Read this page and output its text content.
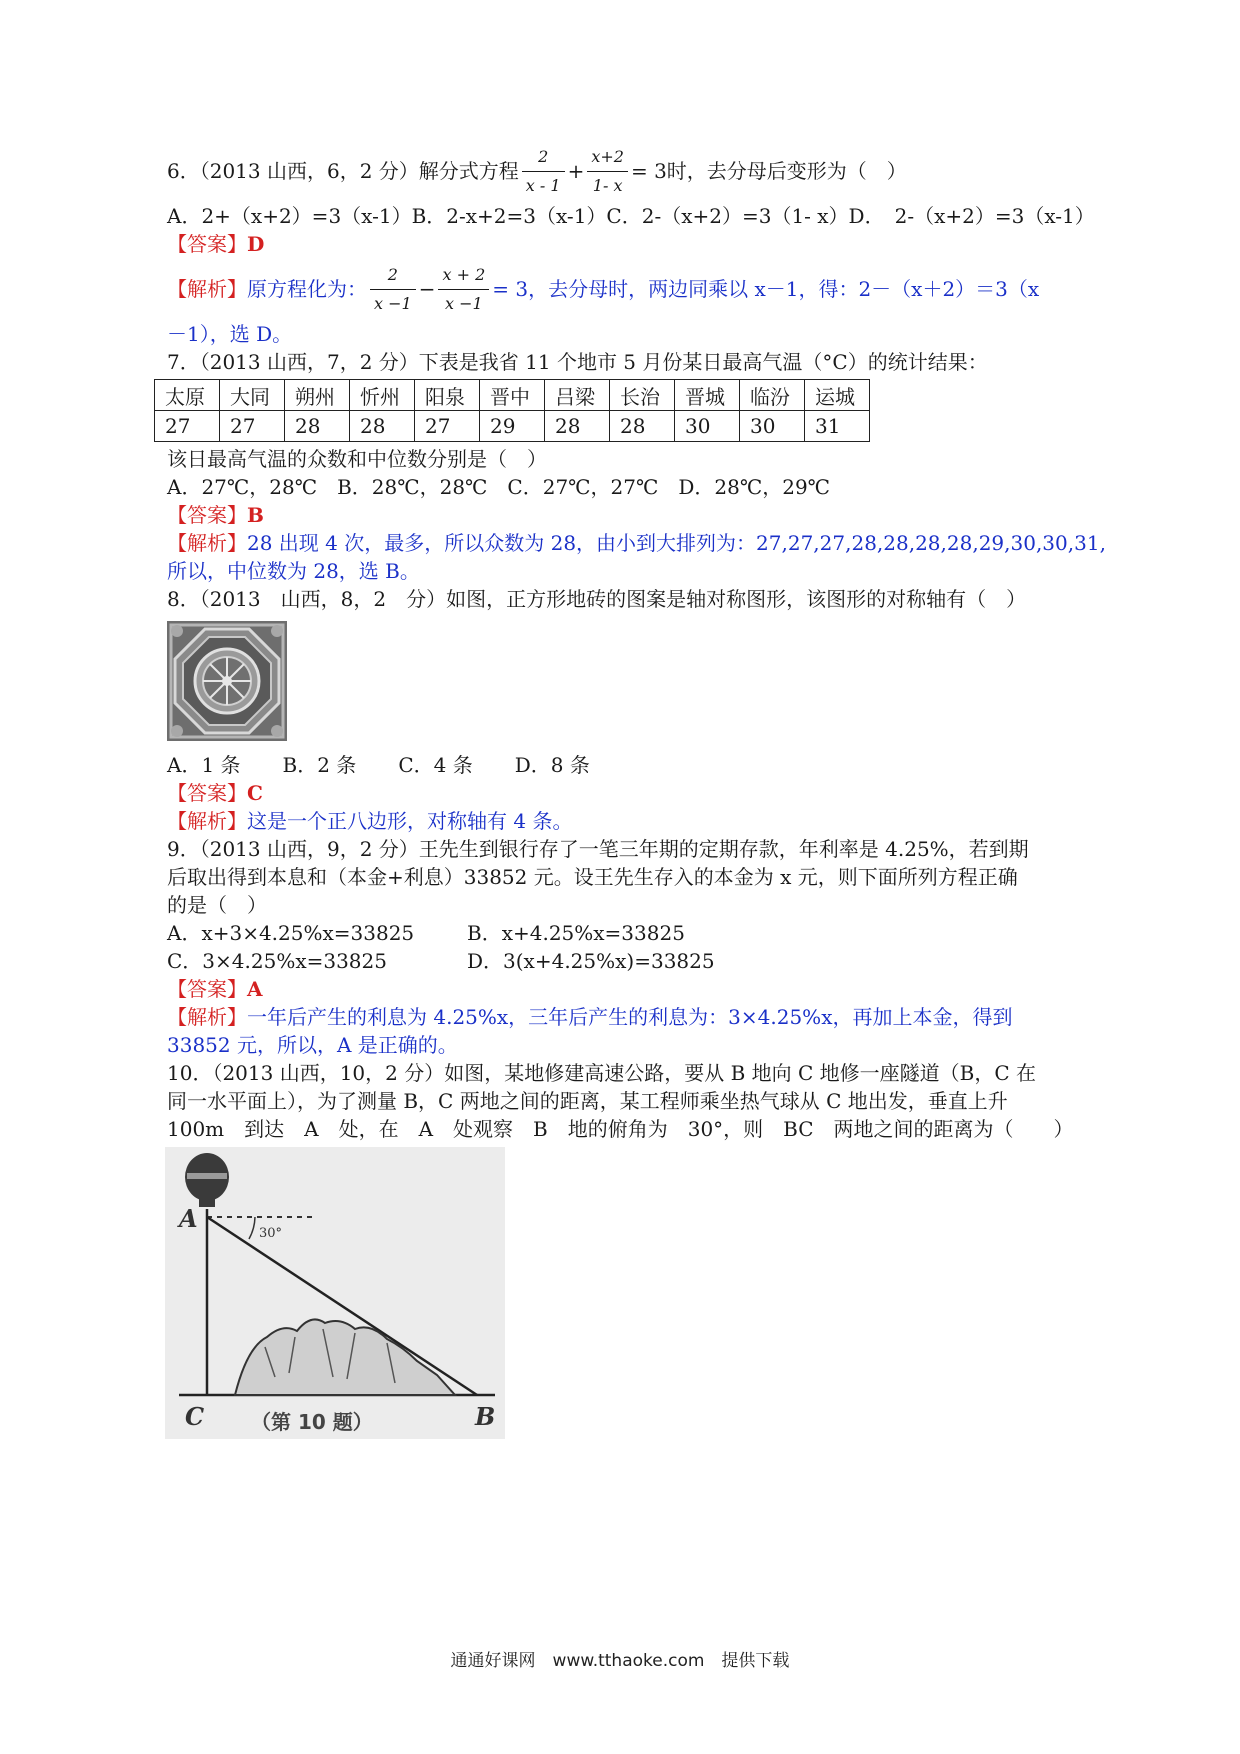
6．（2013 山西，6，2 分）解分式方程 $\frac{2}{x - 1} + \frac{x+2}{1- x} = 3$时，去分母后变形为（　）

A．2+（x+2）=3（x-1）B．2-x+2=3（x-1）C．2-（x+2）=3（1- x）D．　2-（x+2）=3（x-1）

【答案】D

【解析】 原方程化为： $\frac{2}{x -1} - \frac{x + 2}{x -1} = 3$，去分母时，两边同乘以 x－1，得：2－（x＋2）＝3（x

－1），选 D。

7．（2013 山西，7，2 分）下表是我省 11 个地市 5 月份某日最高气温（°C）的统计结果：

太原	大同	朔州	忻州	阳泉	晋中	吕梁	长治	晋城	临汾	运城
27	27	28	28	27	29	28	28	30	30	31

该日最高气温的众数和中位数分别是（　）

A．27℃，28℃　B．28℃，28℃　C．27℃，27℃　D．28℃，29℃

【答案】B

【解析】28 出现 4 次，最多，所以众数为 28，由小到大排列为：27,27,27,28,28,28,28,29,30,30,31,

所以，中位数为 28，选 B。

8．（2013　山西，8，2　分）如图，正方形地砖的图案是轴对称图形，该图形的对称轴有（　）

A．1 条 B．2 条 C．4 条 D．8 条

【答案】C

【解析】这是一个正八边形，对称轴有 4 条。

9．（2013 山西，9，2 分）王先生到银行存了一笔三年期的定期存款，年利率是 4.25%，若到期

后取出得到本息和（本金+利息）33852 元。设王先生存入的本金为 x 元，则下面所列方程正确

的是（　）

A．x+3×4.25%x=33825	B．x+4.25%x=33825
C．3×4.25%x=33825	D．3(x+4.25%x)=33825

【答案】A

【解析】一年后产生的利息为 4.25%x，三年后产生的利息为：3×4.25%x，再加上本金，得到

33852 元，所以，A 是正确的。

10．（2013 山西，10，2 分）如图，某地修建高速公路，要从 B 地向 C 地修一座隧道（B，C 在

同一水平面上），为了测量 B，C 两地之间的距离，某工程师乘坐热气球从 C 地出发，垂直上升

100m　到达　A　处，在　A　处观察　B　地的俯角为　30°，则　BC　两地之间的距离为（　　）

A
B
C
30°
（第 10 题）
通通好课网　www.tthaoke.com　提供下载
